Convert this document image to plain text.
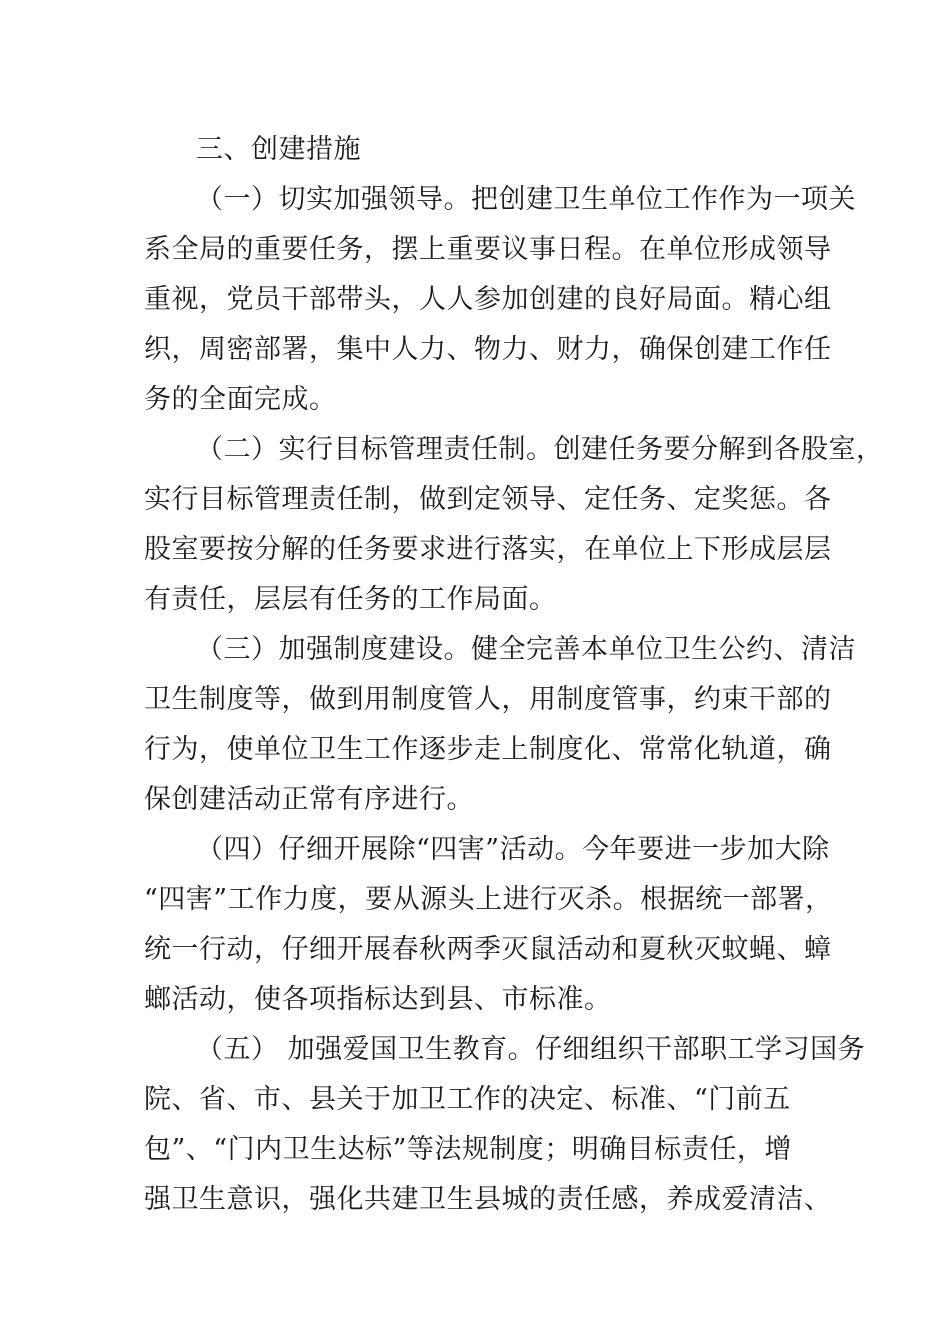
三、创建措施
（一）切实加强领导。把创建卫生单位工作作为一项关
系全局的重要任务，摆上重要议事日程。在单位形成领导
重视，党员干部带头，人人参加创建的良好局面。精心组
织，周密部署，集中人力、物力、财力，确保创建工作任
务的全面完成。
（二）实行目标管理责任制。创建任务要分解到各股室，
实行目标管理责任制，做到定领导、定任务、定奖惩。各
股室要按分解的任务要求进行落实，在单位上下形成层层
有责任，层层有任务的工作局面。
（三）加强制度建设。健全完善本单位卫生公约、清洁
卫生制度等，做到用制度管人，用制度管事，约束干部的
行为，使单位卫生工作逐步走上制度化、常常化轨道，确
保创建活动正常有序进行。
（四）仔细开展除“四害”活动。今年要进一步加大除
“四害”工作力度，要从源头上进行灭杀。根据统一部署，
统一行动，仔细开展春秋两季灭鼠活动和夏秋灭蚊蝇、蟑
螂活动，使各项指标达到县、市标准。
（五） 加强爱国卫生教育。仔细组织干部职工学习国务
院、省、市、县关于加卫工作的决定、标准、“门前五
包”、“门内卫生达标”等法规制度；明确目标责任，增
强卫生意识，强化共建卫生县城的责任感，养成爱清洁、
